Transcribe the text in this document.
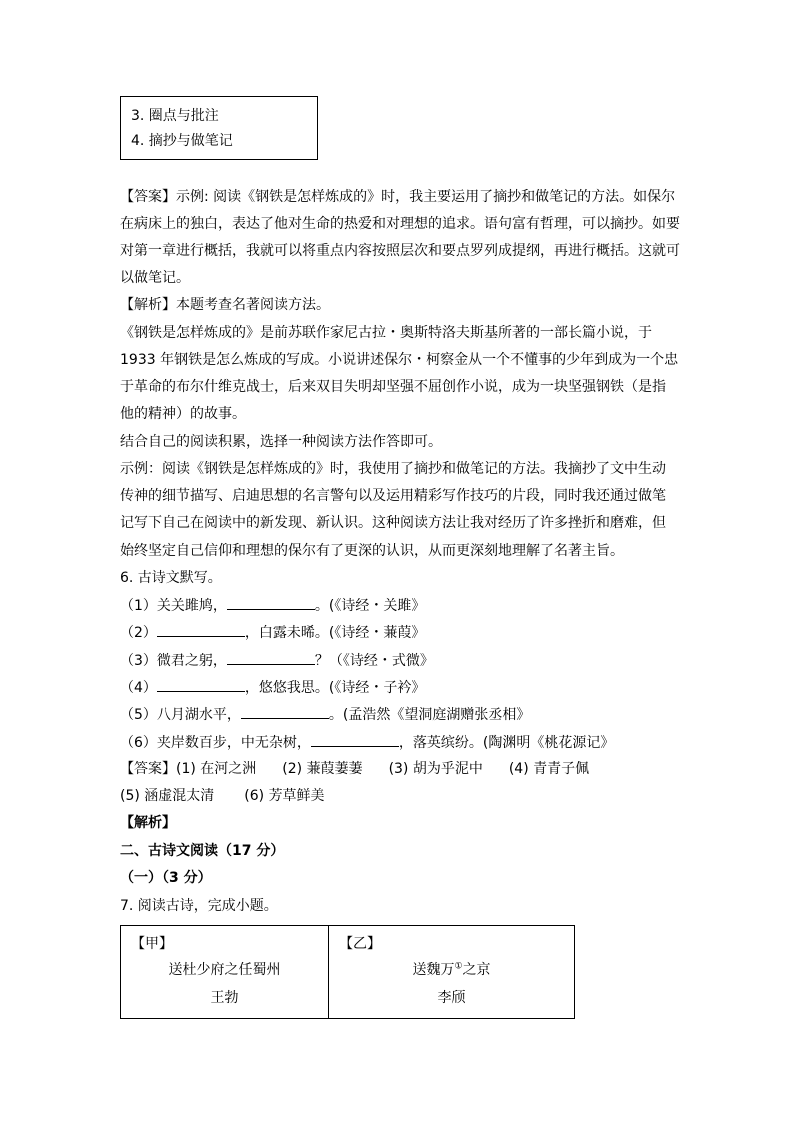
3. 圈点与批注
4. 摘抄与做笔记
【答案】示例: 阅读《钢铁是怎样炼成的》时，我主要运用了摘抄和做笔记的方法。如保尔
在病床上的独白，表达了他对生命的热爱和对理想的追求。语句富有哲理，可以摘抄。如要
对第一章进行概括，我就可以将重点内容按照层次和要点罗列成提纲，再进行概括。这就可
以做笔记。
【解析】本题考查名著阅读方法。
《钢铁是怎样炼成的》是前苏联作家尼古拉・奥斯特洛夫斯基所著的一部长篇小说，于
1933 年钢铁是怎么炼成的写成。小说讲述保尔・柯察金从一个不懂事的少年到成为一个忠
于革命的布尔什维克战士，后来双目失明却坚强不屈创作小说，成为一块坚强钢铁（是指
他的精神）的故事。
结合自己的阅读积累，选择一种阅读方法作答即可。
示例：阅读《钢铁是怎样炼成的》时，我使用了摘抄和做笔记的方法。我摘抄了文中生动
传神的细节描写、启迪思想的名言警句以及运用精彩写作技巧的片段，同时我还通过做笔
记写下自己在阅读中的新发现、新认识。这种阅读方法让我对经历了许多挫折和磨难，但
始终坚定自己信仰和理想的保尔有了更深的认识，从而更深刻地理解了名著主旨。
6. 古诗文默写。
（1）关关雎鸠，	。(《诗经・关雎》
（2）	，白露未晞。(《诗经・蒹葭》
（3）微君之躬，	？（《诗经・式微》
（4）	，悠悠我思。(《诗经・子衿》
（5）八月湖水平，	。(孟浩然《望洞庭湖赠张丞相》
（6）夹岸数百步，中无杂树，	，落英缤纷。(陶渊明《桃花源记》
【答案】(1) 在河之洲 (2) 蒹葭萋萋 (3) 胡为乎泥中 (4) 青青子佩
(5) 涵虚混太清 (6) 芳草鲜美
【解析】
二、古诗文阅读（17 分）
（一）（3 分）
7. 阅读古诗，完成小题。
【甲】
送杜少府之任蜀州
王勃
【乙】
送魏万①之京
李颀
